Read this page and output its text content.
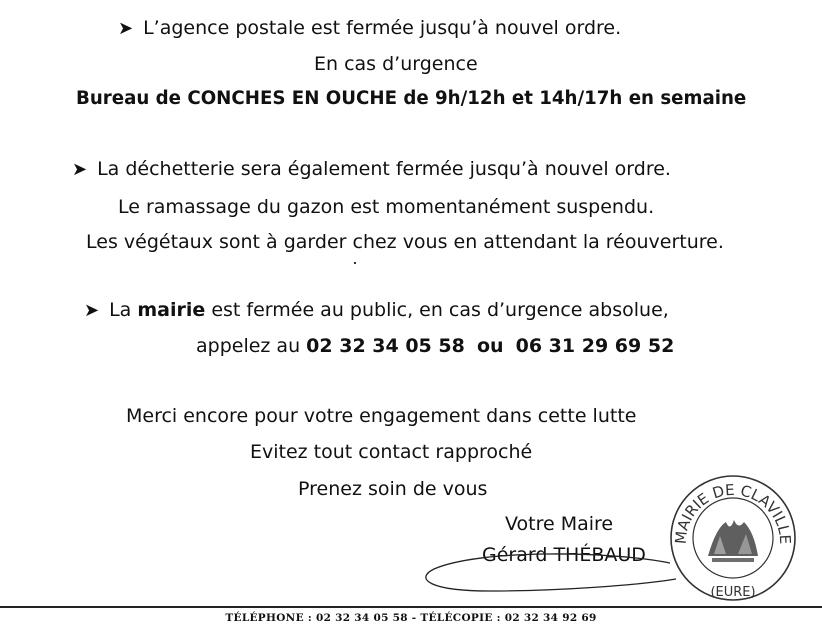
➤ L’agence postale est fermée jusqu’à nouvel ordre.
En cas d’urgence
Bureau de CONCHES EN OUCHE de 9h/12h et 14h/17h en semaine
➤ La déchetterie sera également fermée jusqu’à nouvel ordre.
Le ramassage du gazon est momentanément suspendu.
Les végétaux sont à garder chez vous en attendant la réouverture.
➤ La mairie est fermée au public, en cas d’urgence absolue,
appelez au 02 32 34 05 58 ou 06 31 29 69 52
Merci encore pour votre engagement dans cette lutte
Evitez tout contact rapproché
Prenez soin de vous
Votre Maire
Gérard THÉBAUD
MAIRIE DE CLAVILLE
(EURE)
TÉLÉPHONE : 02 32 34 05 58 - TÉLÉCOPIE : 02 32 34 92 69
